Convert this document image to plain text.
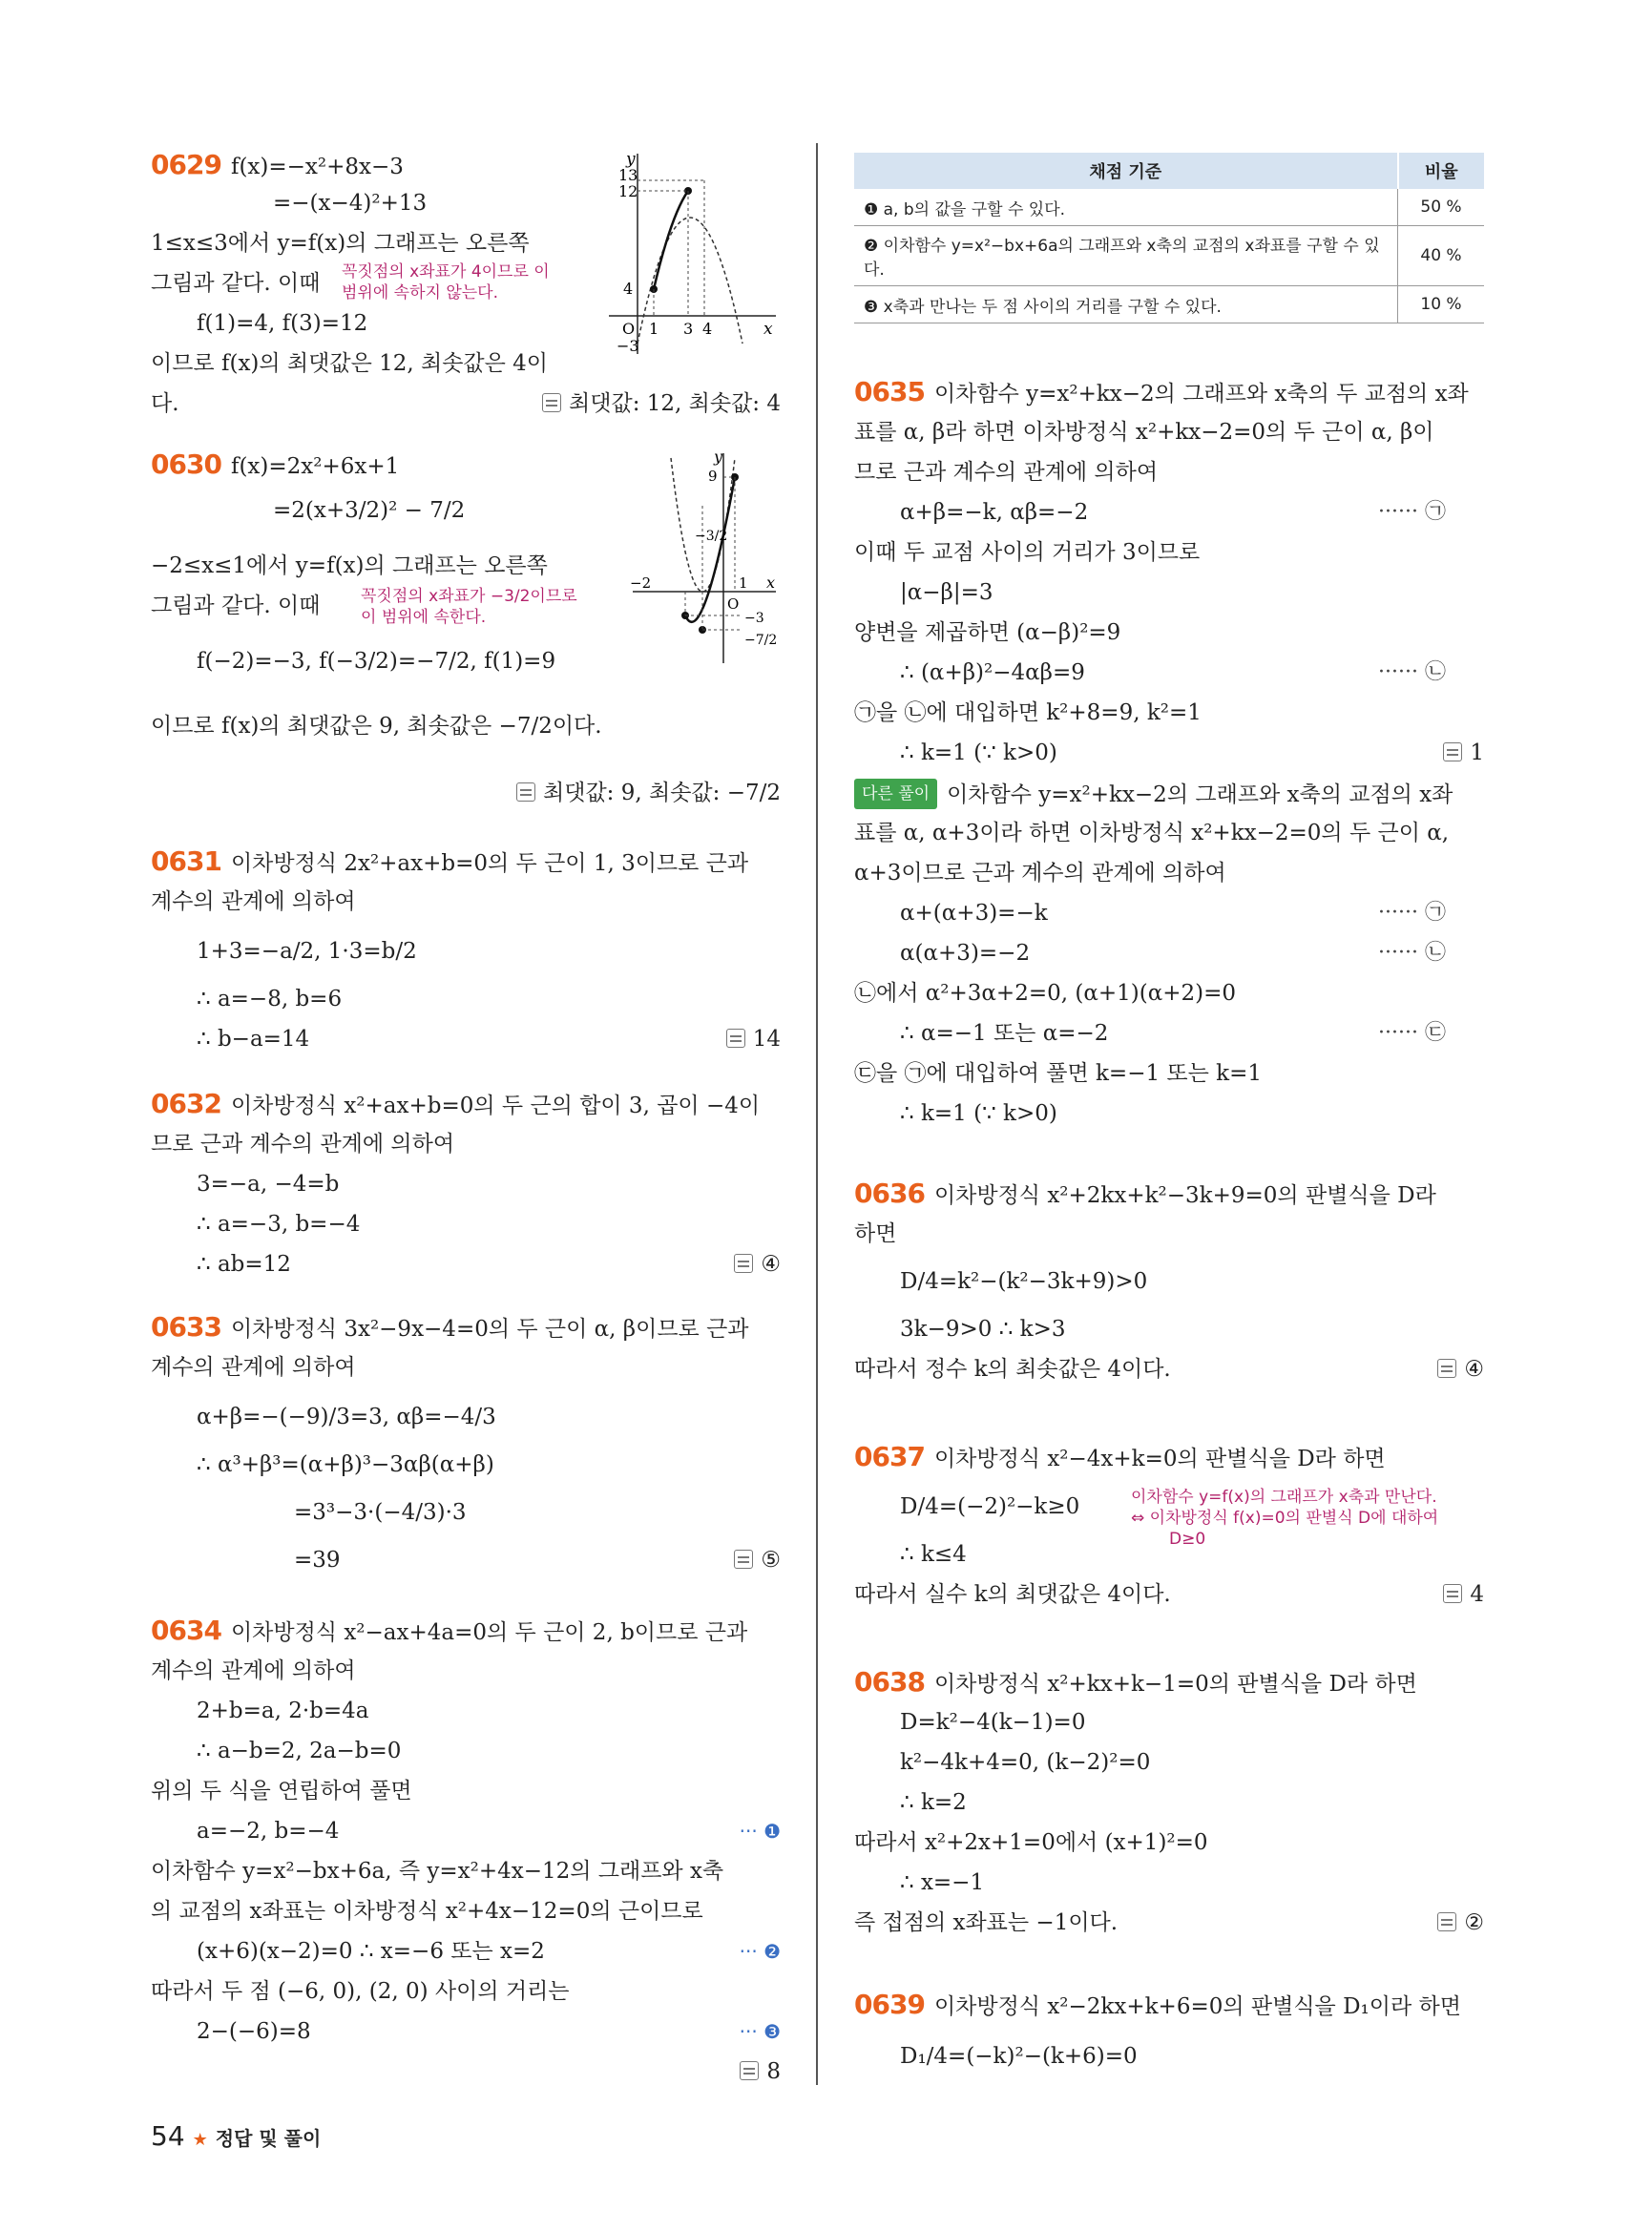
0629 f(x)=−x²+8x−3
=−(x−4)²+13
1≤x≤3에서 y=f(x)의 그래프는 오른쪽
그림과 같다. 이때 꼭짓점의 x좌표가 4이므로 이 범위에 속하지 않는다.
f(1)=4, f(3)=12
이므로 f(x)의 최댓값은 12, 최솟값은 4이
다.	최댓값: 12, 최솟값: 4
13
12
4
−3
O 1 3 4	x
y
0630 f(x)=2x²+6x+1
=2(x+3/2)² − 7/2
−2≤x≤1에서 y=f(x)의 그래프는 오른쪽
그림과 같다. 이때	꼭짓점의 x좌표가 −3/2이므로
이 범위에 속한다.
f(−2)=−3, f(−3/2)=−7/2, f(1)=9
이므로 f(x)의 최댓값은 9, 최솟값은 −7/2이다.
최댓값: 9, 최솟값: −7/2
9
−2
−3/2
O
1
−3
−7/2
x
y
0631 이차방정식 2x²+ax+b=0의 두 근이 1, 3이므로 근과
계수의 관계에 의하여
1+3=−a/2, 1·3=b/2
∴ a=−8, b=6
∴ b−a=14	14
0632 이차방정식 x²+ax+b=0의 두 근의 합이 3, 곱이 −4이
므로 근과 계수의 관계에 의하여
3=−a, −4=b
∴ a=−3, b=−4
∴ ab=12	④
0633 이차방정식 3x²−9x−4=0의 두 근이 α, β이므로 근과
계수의 관계에 의하여
α+β=−(−9)/3=3, αβ=−4/3
∴ α³+β³=(α+β)³−3αβ(α+β)
=3³−3·(−4/3)·3
=39	⑤
0634 이차방정식 x²−ax+4a=0의 두 근이 2, b이므로 근과
계수의 관계에 의하여
2+b=a, 2·b=4a
∴ a−b=2, 2a−b=0
위의 두 식을 연립하여 풀면
a=−2, b=−4	··· ❶
이차함수 y=x²−bx+6a, 즉 y=x²+4x−12의 그래프와 x축
의 교점의 x좌표는 이차방정식 x²+4x−12=0의 근이므로
(x+6)(x−2)=0 ∴ x=−6 또는 x=2	··· ❷
따라서 두 점 (−6, 0), (2, 0) 사이의 거리는
2−(−6)=8	··· ❸
8
채점 기준	비율
❶ a, b의 값을 구할 수 있다.	50 %
❷ 이차함수 y=x²−bx+6a의 그래프와 x축의 교점의 x좌표를 구할 수 있다.	40 %
❸ x축과 만나는 두 점 사이의 거리를 구할 수 있다.	10 %
0635 이차함수 y=x²+kx−2의 그래프와 x축의 두 교점의 x좌
표를 α, β라 하면 이차방정식 x²+kx−2=0의 두 근이 α, β이
므로 근과 계수의 관계에 의하여
α+β=−k, αβ=−2	······ ㉠
이때 두 교점 사이의 거리가 3이므로
|α−β|=3
양변을 제곱하면 (α−β)²=9
∴ (α+β)²−4αβ=9	······ ㉡
㉠을 ㉡에 대입하면 k²+8=9, k²=1
∴ k=1 (∵ k>0)	1
다른 풀이 이차함수 y=x²+kx−2의 그래프와 x축의 교점의 x좌
표를 α, α+3이라 하면 이차방정식 x²+kx−2=0의 두 근이 α,
α+3이므로 근과 계수의 관계에 의하여
α+(α+3)=−k	······ ㉠
α(α+3)=−2	······ ㉡
㉡에서 α²+3α+2=0, (α+1)(α+2)=0
∴ α=−1 또는 α=−2	······ ㉢
㉢을 ㉠에 대입하여 풀면 k=−1 또는 k=1
∴ k=1 (∵ k>0)
0636 이차방정식 x²+2kx+k²−3k+9=0의 판별식을 D라
하면
D/4=k²−(k²−3k+9)>0
3k−9>0 ∴ k>3
따라서 정수 k의 최솟값은 4이다.	④
0637 이차방정식 x²−4x+k=0의 판별식을 D라 하면
D/4=(−2)²−k≥0	이차함수 y=f(x)의 그래프가 x축과 만난다.
⇔ 이차방정식 f(x)=0의 판별식 D에 대하여
D≥0
∴ k≤4
따라서 실수 k의 최댓값은 4이다.	4
0638 이차방정식 x²+kx+k−1=0의 판별식을 D라 하면
D=k²−4(k−1)=0
k²−4k+4=0, (k−2)²=0
∴ k=2
따라서 x²+2x+1=0에서 (x+1)²=0
∴ x=−1
즉 접점의 x좌표는 −1이다.	②
0639 이차방정식 x²−2kx+k+6=0의 판별식을 D₁이라 하면
D₁/4=(−k)²−(k+6)=0
54 ★ 정답 및 풀이
